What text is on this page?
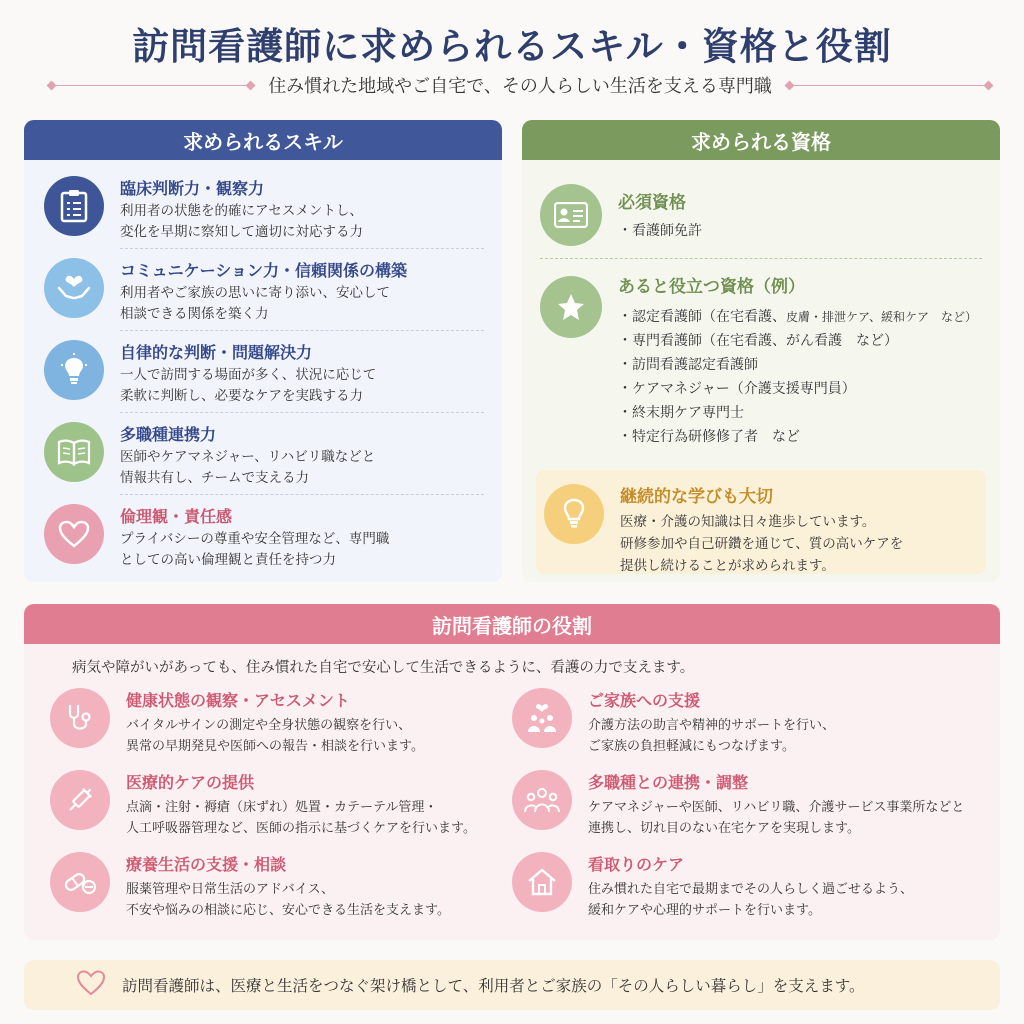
訪問看護師に求められるスキル・資格と役割
住み慣れた地域やご自宅で、その人らしい生活を支える専門職
求められるスキル
臨床判断力・観察力
利用者の状態を的確にアセスメントし、
変化を早期に察知して適切に対応する力
コミュニケーション力・信頼関係の構築
利用者やご家族の思いに寄り添い、安心して
相談できる関係を築く力
自律的な判断・問題解決力
一人で訪問する場面が多く、状況に応じて
柔軟に判断し、必要なケアを実践する力
多職種連携力
医師やケアマネジャー、リハビリ職などと
情報共有し、チームで支える力
倫理観・責任感
プライバシーの尊重や安全管理など、専門職
としての高い倫理観と責任を持つ力
求められる資格
必須資格
・ 看護師免許
あると役立つ資格（例）
・ 認定看護師（在宅看護、皮膚・排泄ケア、緩和ケア　など）
・ 専門看護師（在宅看護、がん看護　など）
・ 訪問看護認定看護師
・ ケアマネジャー（介護支援専門員）
・ 終末期ケア専門士
・ 特定行為研修修了者　など
継続的な学びも大切
医療・介護の知識は日々進歩しています。
研修参加や自己研鑽を通じて、質の高いケアを
提供し続けることが求められます。
訪問看護師の役割
病気や障がいがあっても、住み慣れた自宅で安心して生活できるように、看護の力で支えます。
健康状態の観察・アセスメント
バイタルサインの測定や全身状態の観察を行い、
異常の早期発見や医師への報告・相談を行います。
ご家族への支援
介護方法の助言や精神的サポートを行い、
ご家族の負担軽減にもつなげます。
医療的ケアの提供
点滴・注射・褥瘡（床ずれ）処置・カテーテル管理・
人工呼吸器管理など、医師の指示に基づくケアを行います。
多職種との連携・調整
ケアマネジャーや医師、リハビリ職、介護サービス事業所などと
連携し、切れ目のない在宅ケアを実現します。
療養生活の支援・相談
服薬管理や日常生活のアドバイス、
不安や悩みの相談に応じ、安心できる生活を支えます。
看取りのケア
住み慣れた自宅で最期までその人らしく過ごせるよう、
緩和ケアや心理的サポートを行います。
訪問看護師は、医療と生活をつなぐ架け橋として、利用者とご家族の「その人らしい暮らし」を支えます。
